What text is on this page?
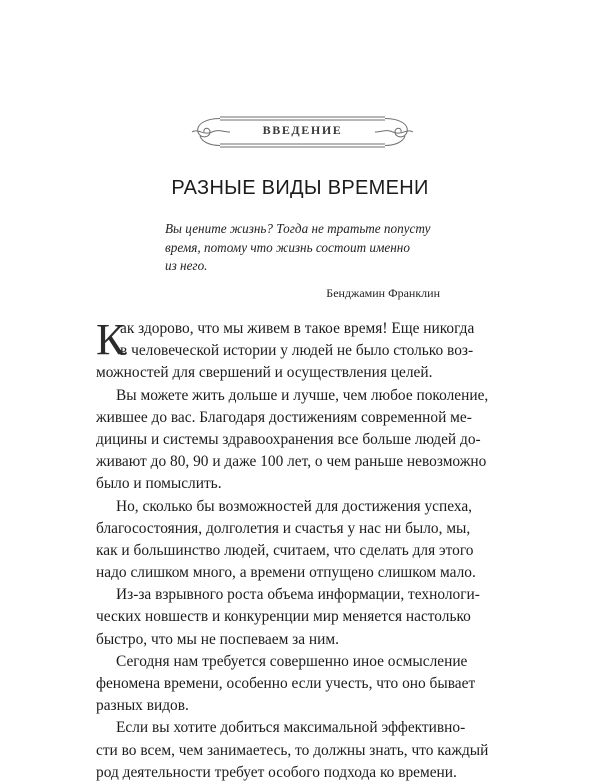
ВВЕДЕНИЕ
РАЗНЫЕ ВИДЫ ВРЕМЕНИ
Вы цените жизнь? Тогда не тратьте попусту
время, потому что жизнь состоит именно
из него.
Бенджамин Франклин
К
ак здорово, что мы живем в такое время! Еще никогда
в человеческой истории у людей не было столько воз-
можностей для свершений и осуществления целей.
Вы можете жить дольше и лучше, чем любое поколение,
жившее до вас. Благодаря достижениям современной ме-
дицины и системы здравоохранения все больше людей до-
живают до 80, 90 и даже 100 лет, о чем раньше невозможно
было и помыслить.
Но, сколько бы возможностей для достижения успеха,
благосостояния, долголетия и счастья у нас ни было, мы,
как и большинство людей, считаем, что сделать для этого
надо слишком много, а времени отпущено слишком мало.
Из-за взрывного роста объема информации, технологи-
ческих новшеств и конкуренции мир меняется настолько
быстро, что мы не поспеваем за ним.
Сегодня нам требуется совершенно иное осмысление
феномена времени, особенно если учесть, что оно бывает
разных видов.
Если вы хотите добиться максимальной эффективно-
сти во всем, чем занимаетесь, то должны знать, что каждый
род деятельности требует особого подхода ко времени.
